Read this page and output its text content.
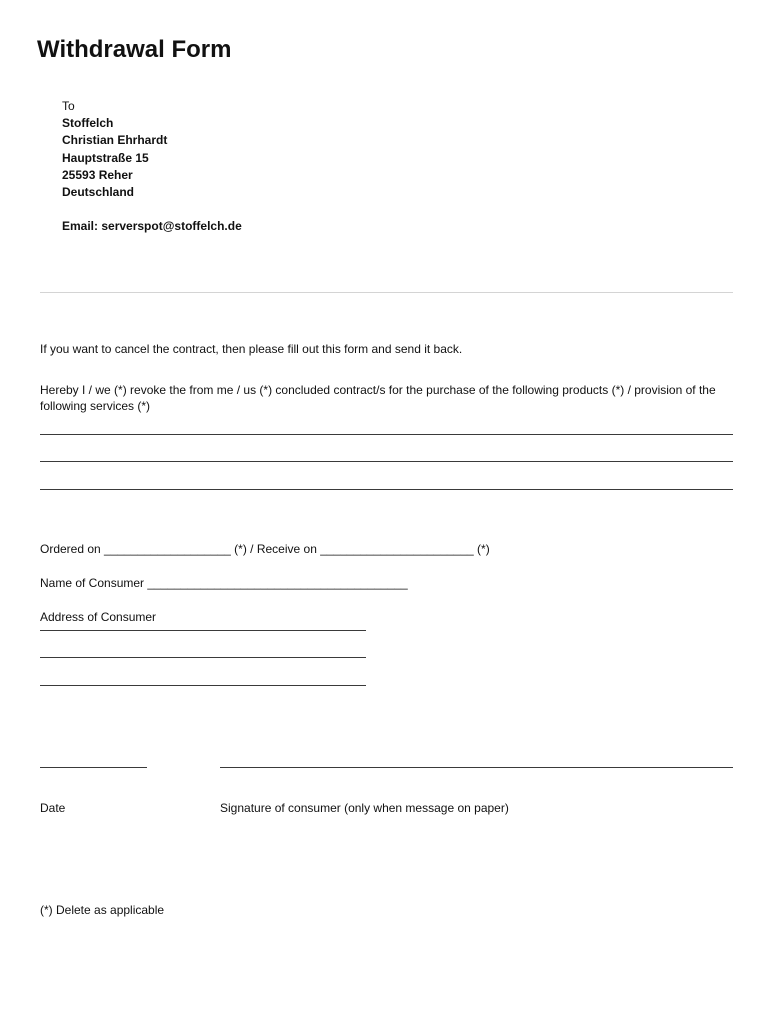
Withdrawal Form
To
Stoffelch
Christian Ehrhardt
Hauptstraße 15
25593 Reher
Deutschland
Email: serverspot@stoffelch.de

If you want to cancel the contract, then please fill out this form and send it back.

Hereby I / we (*) revoke the from me / us (*) concluded contract/s for the purchase of the following products (*) / provision of the following services (*)

Ordered on ___________________ (*) / Receive on _______________________ (*)

Name of Consumer _______________________________________

Address of Consumer

Date	Signature of consumer (only when message on paper)

(*) Delete as applicable
